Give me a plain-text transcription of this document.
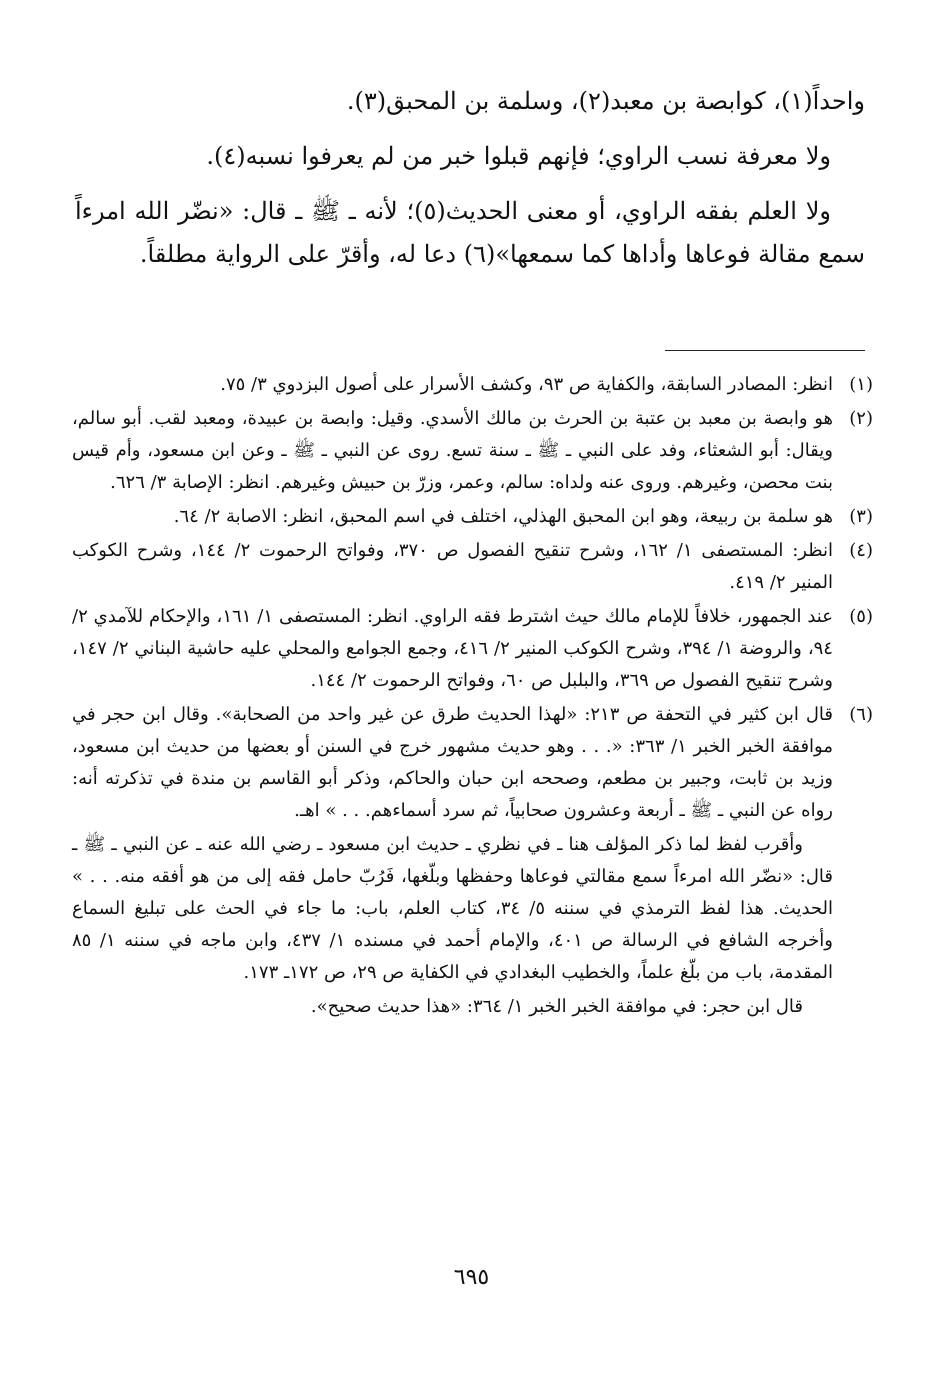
واحداً(١)، كوابصة بن معبد(٢)، وسلمة بن المحبق(٣).

ولا معرفة نسب الراوي؛ فإنهم قبلوا خبر من لم يعرفوا نسبه(٤).

ولا العلم بفقه الراوي، أو معنى الحديث(٥)؛ لأنه ـ ﷺ ـ قال: «نضّر الله امرءاً سمع مقالة فوعاها وأداها كما سمعها»(٦) دعا له، وأقرّ على الرواية مطلقاً.

(١)
انظر: المصادر السابقة، والكفاية ص ٩٣، وكشف الأسرار على أصول البزدوي ٣/ ٧٥.
(٢)
هو وابصة بن معبد بن عتبة بن الحرث بن مالك الأسدي. وقيل: وابصة بن عبيدة، ومعبد لقب. أبو سالم، ويقال: أبو الشعثاء، وفد على النبي ـ ﷺ ـ سنة تسع. روى عن النبي ـ ﷺ ـ وعن ابن مسعود، وأم قيس بنت محصن، وغيرهم. وروى عنه ولداه: سالم، وعمر، وزرّ بن حبيش وغيرهم. انظر: الإصابة ٣/ ٦٢٦.
(٣)
هو سلمة بن ربيعة، وهو ابن المحبق الهذلي، اختلف في اسم المحبق، انظر: الاصابة ٢/ ٦٤.
(٤)
انظر: المستصفى ١/ ١٦٢، وشرح تنقيح الفصول ص ٣٧٠، وفواتح الرحموت ٢/ ١٤٤، وشرح الكوكب المنير ٢/ ٤١٩.
(٥)
عند الجمهور، خلافاً للإمام مالك حيث اشترط فقه الراوي. انظر: المستصفى ١/ ١٦١، والإحكام للآمدي ٢/ ٩٤، والروضة ١/ ٣٩٤، وشرح الكوكب المنير ٢/ ٤١٦، وجمع الجوامع والمحلي عليه حاشية البناني ٢/ ١٤٧، وشرح تنقيح الفصول ص ٣٦٩، والبلبل ص ٦٠، وفواتح الرحموت ٢/ ١٤٤.
(٦)
قال ابن كثير في التحفة ص ٢١٣: «لهذا الحديث طرق عن غير واحد من الصحابة». وقال ابن حجر في موافقة الخبر الخبر ١/ ٣٦٣: «. . . وهو حديث مشهور خرج في السنن أو بعضها من حديث ابن مسعود، وزيد بن ثابت، وجبير بن مطعم، وصححه ابن حبان والحاكم، وذكر أبو القاسم بن مندة في تذكرته أنه: رواه عن النبي ـ ﷺ ـ أربعة وعشرون صحابياً، ثم سرد أسماءهم. . . » اهـ.
وأقرب لفظ لما ذكر المؤلف هنا ـ في نظري ـ حديث ابن مسعود ـ رضي الله عنه ـ عن النبي ـ ﷺ ـ قال: «نضّر الله امرءاً سمع مقالتي فوعاها وحفظها وبلّغها، فَرُبّ حامل فقه إلى من هو أفقه منه. . . » الحديث. هذا لفظ الترمذي في سننه ٥/ ٣٤، كتاب العلم، باب: ما جاء في الحث على تبليغ السماع وأخرجه الشافع في الرسالة ص ٤٠١، والإمام أحمد في مسنده ١/ ٤٣٧، وابن ماجه في سننه ١/ ٨٥ المقدمة، باب من بلّغ علماً، والخطيب البغدادي في الكفاية ص ٢٩، ص ١٧٢ـ ١٧٣.
قال ابن حجر: في موافقة الخبر الخبر ١/ ٣٦٤: «هذا حديث صحيح».
٦٩٥
